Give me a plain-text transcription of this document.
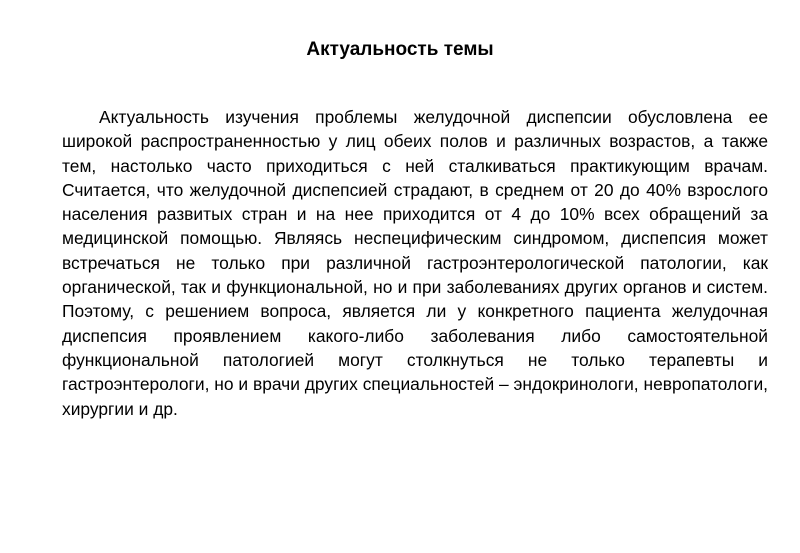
Актуальность темы

Актуальность изучения проблемы желудочной диспепсии обусловлена ее широкой распространенностью у лиц обеих полов и различных возрастов, а также тем, настолько часто приходиться с ней сталкиваться практикующим врачам. Считается, что желудочной диспепсией страдают, в среднем от 20 до 40% взрослого населения развитых стран и на нее приходится от 4 до 10% всех обращений за медицинской помощью. Являясь неспецифическим синдромом, диспепсия может встречаться не только при различной гастроэнтерологической патологии, как органической, так и функциональной, но и при заболеваниях других органов и систем. Поэтому, с решением вопроса, является ли у конкретного пациента желудочная диспепсия проявлением какого-либо заболевания либо самостоятельной функциональной патологией могут столкнуться не только терапевты и гастроэнтерологи, но и врачи других специальностей – эндокринологи, невропатологи, хирургии и др.
